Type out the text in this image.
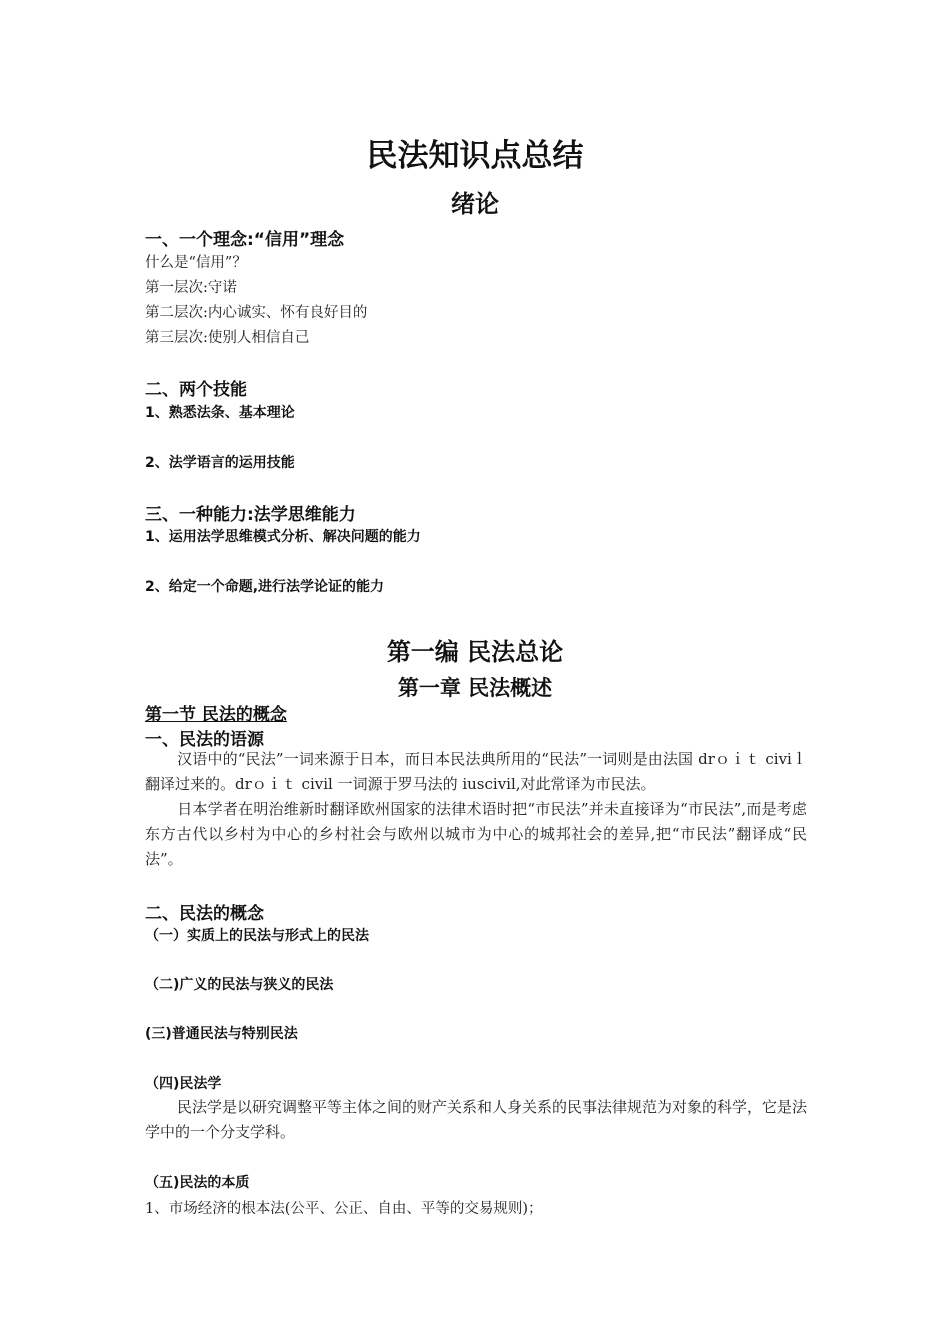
民法知识点总结
绪论
一、一个理念:“信用”理念
什么是“信用”？
第一层次:守诺
第二层次:内心诚实、怀有良好目的
第三层次:使别人相信自己
二、两个技能
1、熟悉法条、基本理论
2、法学语言的运用技能
三、一种能力:法学思维能力
1、运用法学思维模式分析、解决问题的能力
2、给定一个命题,进行法学论证的能力
第一编 民法总论
第一章 民法概述
第一节 民法的概念
一、民法的语源
汉语中的“民法”一词来源于日本，而日本民法典所用的“民法”一词则是由法国 drｏｉｔ civiｌ翻译过来的。drｏｉｔ civil 一词源于罗马法的 iuscivil,对此常译为市民法。
日本学者在明治维新时翻译欧州国家的法律术语时把“市民法”并未直接译为“市民法”,而是考虑东方古代以乡村为中心的乡村社会与欧州以城市为中心的城邦社会的差异,把“市民法”翻译成“民法”。
二、民法的概念
（一）实质上的民法与形式上的民法
（二)广义的民法与狭义的民法
(三)普通民法与特别民法
（四)民法学
民法学是以研究调整平等主体之间的财产关系和人身关系的民事法律规范为对象的科学，它是法学中的一个分支学科。
（五)民法的本质
1、市场经济的根本法(公平、公正、自由、平等的交易规则)；
